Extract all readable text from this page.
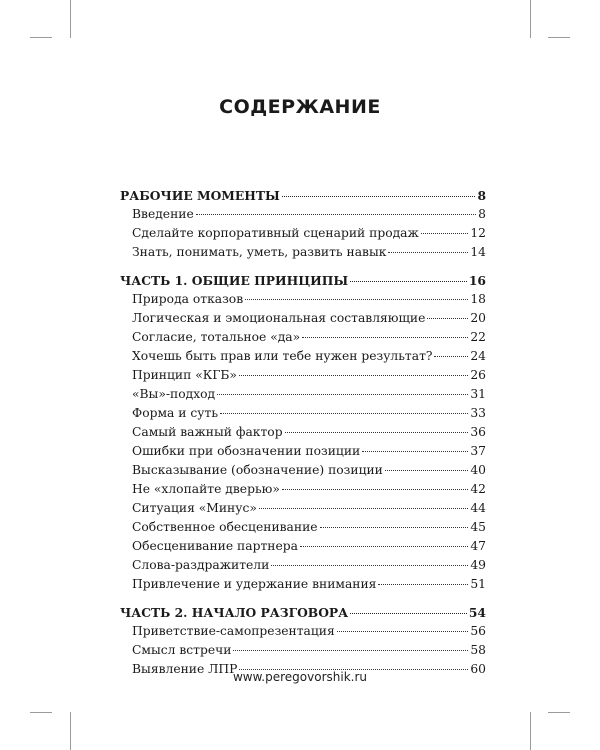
СОДЕРЖАНИЕ
РАБОЧИЕ МОМЕНТЫ	8
Введение	8
Сделайте корпоративный сценарий продаж	12
Знать, понимать, уметь, развить навык	14
ЧАСТЬ 1. ОБЩИЕ ПРИНЦИПЫ	16
Природа отказов	18
Логическая и эмоциональная составляющие	20
Согласие, тотальное «да»	22
Хочешь быть прав или тебе нужен результат?	24
Принцип «КГБ»	26
«Вы»-подход	31
Форма и суть	33
Самый важный фактор	36
Ошибки при обозначении позиции	37
Высказывание (обозначение) позиции	40
Не «хлопайте дверью»	42
Ситуация «Минус»	44
Собственное обесценивание	45
Обесценивание партнера	47
Слова-раздражители	49
Привлечение и удержание внимания	51
ЧАСТЬ 2. НАЧАЛО РАЗГОВОРА	54
Приветствие-самопрезентация	56
Смысл встречи	58
Выявление ЛПР	60
www.peregovorshik.ru
